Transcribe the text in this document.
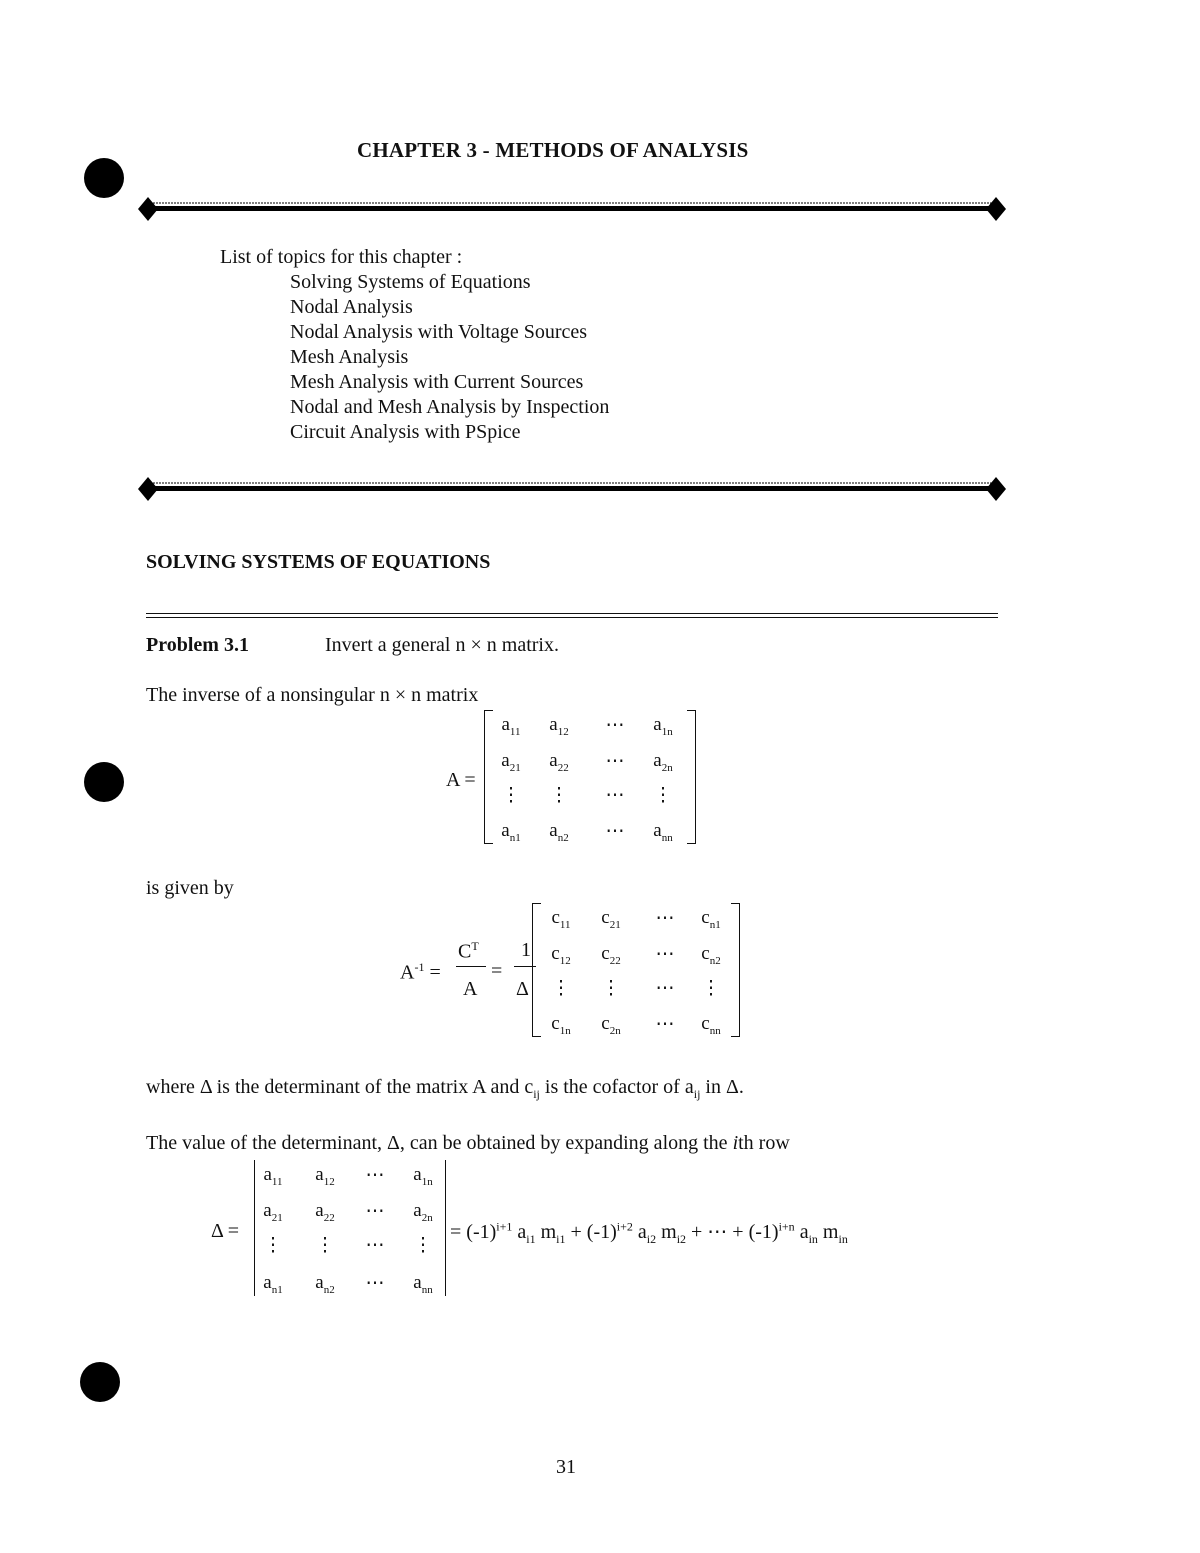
CHAPTER 3 - METHODS OF ANALYSIS
List of topics for this chapter :
Solving Systems of Equations
Nodal Analysis
Nodal Analysis with Voltage Sources
Mesh Analysis
Mesh Analysis with Current Sources
Nodal and Mesh Analysis by Inspection
Circuit Analysis with PSpice
SOLVING SYSTEMS OF EQUATIONS
Problem 3.1	Invert a general n × n matrix.
The inverse of a nonsingular n × n matrix
A =
$a_{11}$	$a_{12}$	⋯	$a_{1n}$
$a_{21}$	$a_{22}$	⋯	$a_{2n}$
⋮	⋮	⋯	⋮
$a_{n1}$	$a_{n2}$	⋯	$a_{nn}$
is given by
$A^{-1}$ =
$C^T$
A
=
1
Δ
$c_{11}$	$c_{21}$	⋯	$c_{n1}$
$c_{12}$	$c_{22}$	⋯	$c_{n2}$
⋮	⋮	⋯	⋮
$c_{1n}$	$c_{2n}$	⋯	$c_{nn}$
where Δ is the determinant of the matrix A and $c_{ij}$ is the cofactor of $a_{ij}$ in Δ.
The value of the determinant, Δ, can be obtained by expanding along the ith row
Δ =
$a_{11}$	$a_{12}$	⋯	$a_{1n}$
$a_{21}$	$a_{22}$	⋯	$a_{2n}$
⋮	⋮	⋯	⋮
$a_{n1}$	$a_{n2}$	⋯	$a_{nn}$
= $(-1)^{i+1}$ $a_{i1}$ $m_{i1} + (-1)^{i+2}$ $a_{i2}$ $m_{i2}$ + ⋯ + $(-1)^{i+n}$ $a_{in}$ $m_{in}$
31
